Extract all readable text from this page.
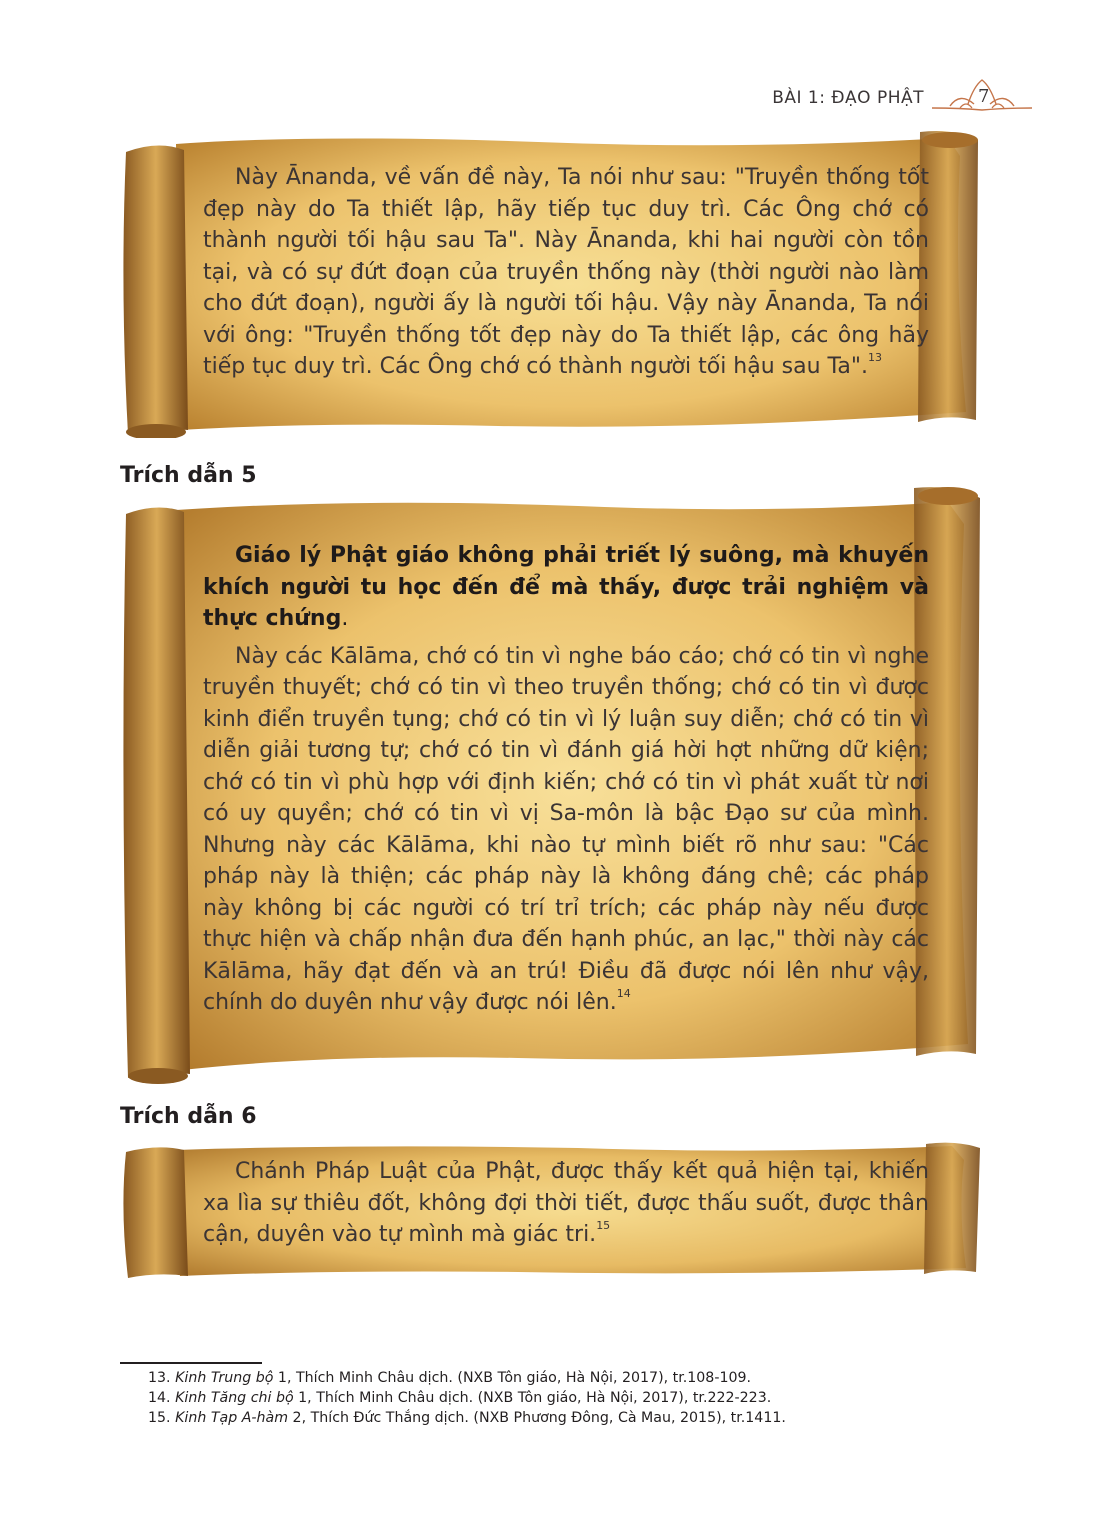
BÀI 1: ĐẠO PHẬT	7

Này Ānanda, về vấn đề này, Ta nói như sau: "Truyền thống tốt đẹp này do Ta thiết lập, hãy tiếp tục duy trì. Các Ông chớ có thành người tối hậu sau Ta". Này Ānanda, khi hai người còn tồn tại, và có sự đứt đoạn của truyền thống này (thời người nào làm cho đứt đoạn), người ấy là người tối hậu. Vậy này Ānanda, Ta nói với ông: "Truyền thống tốt đẹp này do Ta thiết lập, các ông hãy tiếp tục duy trì. Các Ông chớ có thành người tối hậu sau Ta".$^{13}$

Trích dẫn 5

Giáo lý Phật giáo không phải triết lý suông, mà khuyến khích người tu học đến để mà thấy, được trải nghiệm và thực chứng.

Này các Kālāma, chớ có tin vì nghe báo cáo; chớ có tin vì nghe truyền thuyết; chớ có tin vì theo truyền thống; chớ có tin vì được kinh điển truyền tụng; chớ có tin vì lý luận suy diễn; chớ có tin vì diễn giải tương tự; chớ có tin vì đánh giá hời hợt những dữ kiện; chớ có tin vì phù hợp với định kiến; chớ có tin vì phát xuất từ nơi có uy quyền; chớ có tin vì vị Sa-môn là bậc Đạo sư của mình. Nhưng này các Kālāma, khi nào tự mình biết rõ như sau: "Các pháp này là thiện; các pháp này là không đáng chê; các pháp này không bị các người có trí trỉ trích; các pháp này nếu được thực hiện và chấp nhận đưa đến hạnh phúc, an lạc," thời này các Kālāma, hãy đạt đến và an trú! Điều đã được nói lên như vậy, chính do duyên như vậy được nói lên.$^{14}$

Trích dẫn 6

Chánh Pháp Luật của Phật, được thấy kết quả hiện tại, khiến xa lìa sự thiêu đốt, không đợi thời tiết, được thấu suốt, được thân cận, duyên vào tự mình mà giác tri.$^{15}$

13. Kinh Trung bộ 1, Thích Minh Châu dịch. (NXB Tôn giáo, Hà Nội, 2017), tr.108-109.
14. Kinh Tăng chi bộ 1, Thích Minh Châu dịch. (NXB Tôn giáo, Hà Nội, 2017), tr.222-223.
15. Kinh Tạp A-hàm 2, Thích Đức Thắng dịch. (NXB Phương Đông, Cà Mau, 2015), tr.1411.
